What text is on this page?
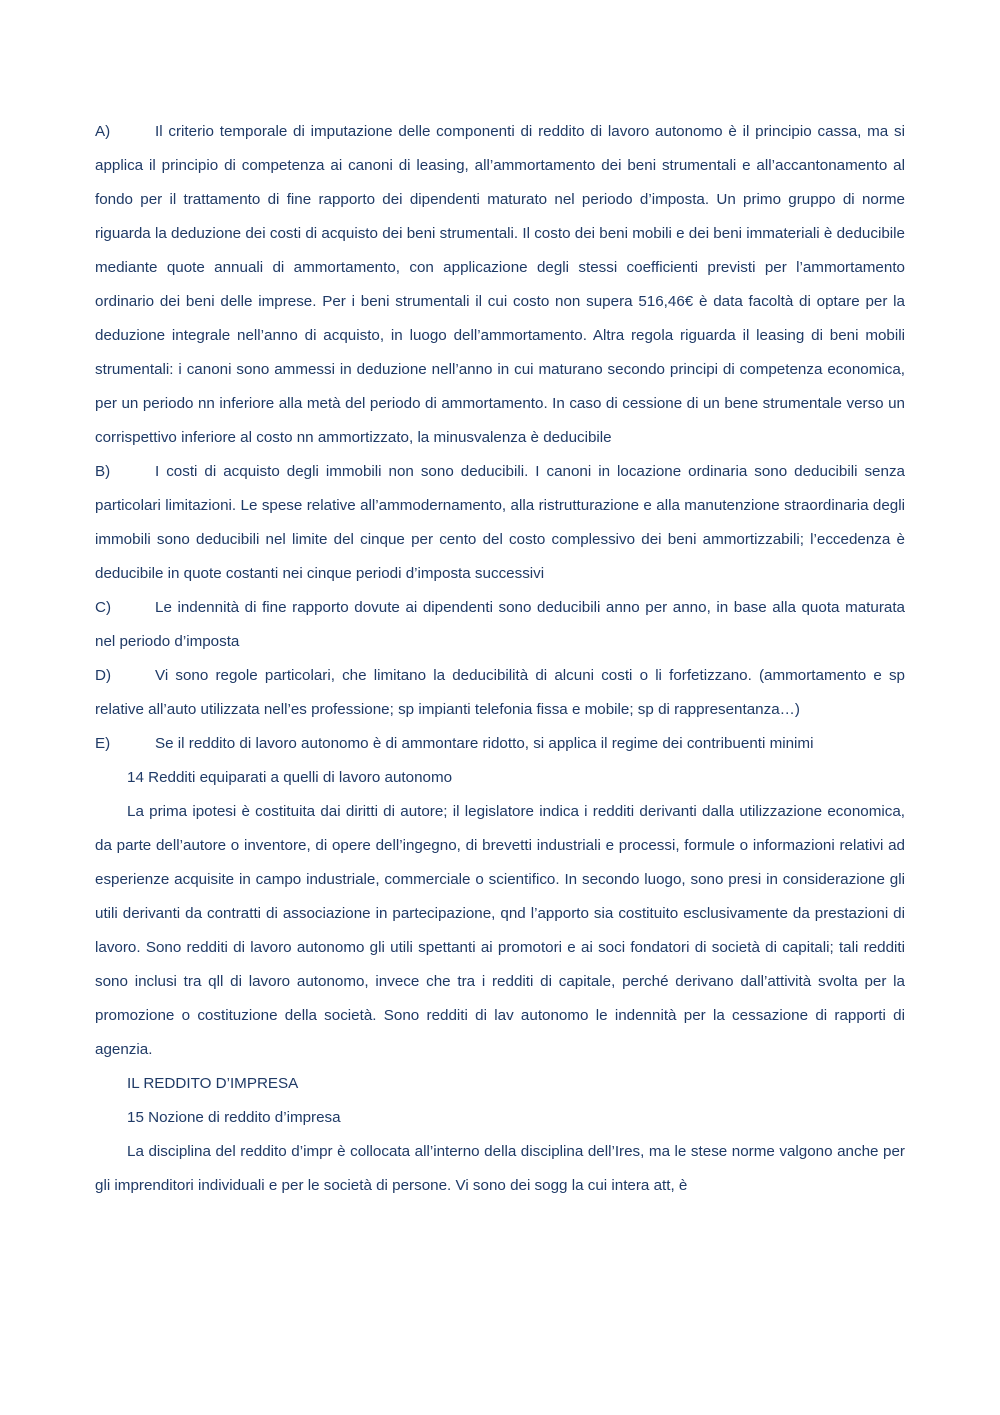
A)	Il criterio temporale di imputazione delle componenti di reddito di lavoro autonomo è il principio cassa, ma si applica il principio di competenza ai canoni di leasing, all’ammortamento dei beni strumentali e all’accantonamento al fondo per il trattamento di fine rapporto dei dipendenti maturato nel periodo d’imposta. Un primo gruppo di norme riguarda la deduzione dei costi di acquisto dei beni strumentali. Il costo dei beni mobili e dei beni immateriali è deducibile mediante quote annuali di ammortamento, con applicazione degli stessi coefficienti previsti per l’ammortamento ordinario dei beni delle imprese. Per i beni strumentali il cui costo non supera 516,46€ è data facoltà di optare per la deduzione integrale nell’anno di acquisto, in luogo dell’ammortamento. Altra regola riguarda il leasing di beni mobili strumentali: i canoni sono ammessi in deduzione nell’anno in cui maturano secondo principi di competenza economica, per un periodo nn inferiore alla metà del periodo di ammortamento. In caso di cessione di un bene strumentale verso un corrispettivo inferiore al costo nn ammortizzato, la minusvalenza è deducibile

B)	I costi di acquisto degli immobili non sono deducibili. I canoni in locazione ordinaria sono deducibili senza particolari limitazioni. Le spese relative all’ammodernamento, alla ristrutturazione e alla manutenzione straordinaria degli immobili sono deducibili nel limite del cinque per cento del costo complessivo dei beni ammortizzabili; l’eccedenza è deducibile in quote costanti nei cinque periodi d’imposta successivi

C)	Le indennità di fine rapporto dovute ai dipendenti sono deducibili anno per anno, in base alla quota maturata nel periodo d’imposta

D)	Vi sono regole particolari, che limitano la deducibilità di alcuni costi o li forfetizzano. (ammortamento e sp relative all’auto utilizzata nell’es professione; sp impianti telefonia fissa e mobile; sp di rappresentanza…)

E)	Se il reddito di lavoro autonomo è di ammontare ridotto, si applica il regime dei contribuenti minimi

14 Redditi equiparati a quelli di lavoro autonomo

La prima ipotesi è costituita dai diritti di autore; il legislatore indica i redditi derivanti dalla utilizzazione economica, da parte dell’autore o inventore, di opere dell’ingegno, di brevetti industriali e processi, formule o informazioni relativi ad esperienze acquisite in campo industriale, commerciale o scientifico. In secondo luogo, sono presi in considerazione gli utili derivanti da contratti di associazione in partecipazione, qnd l’apporto sia costituito esclusivamente da prestazioni di lavoro. Sono redditi di lavoro autonomo gli utili spettanti ai promotori e ai soci fondatori di società di capitali; tali redditi sono inclusi tra qll di lavoro autonomo, invece che tra i redditi di capitale, perché derivano dall’attività svolta per la promozione o costituzione della società. Sono redditi di lav autonomo le indennità per la cessazione di rapporti di agenzia.

IL REDDITO D’IMPRESA

15 Nozione di reddito d’impresa

La disciplina del reddito d’impr è collocata all’interno della disciplina dell’Ires, ma le stese norme valgono anche per gli imprenditori individuali e per le società di persone. Vi sono dei sogg la cui intera att, è
